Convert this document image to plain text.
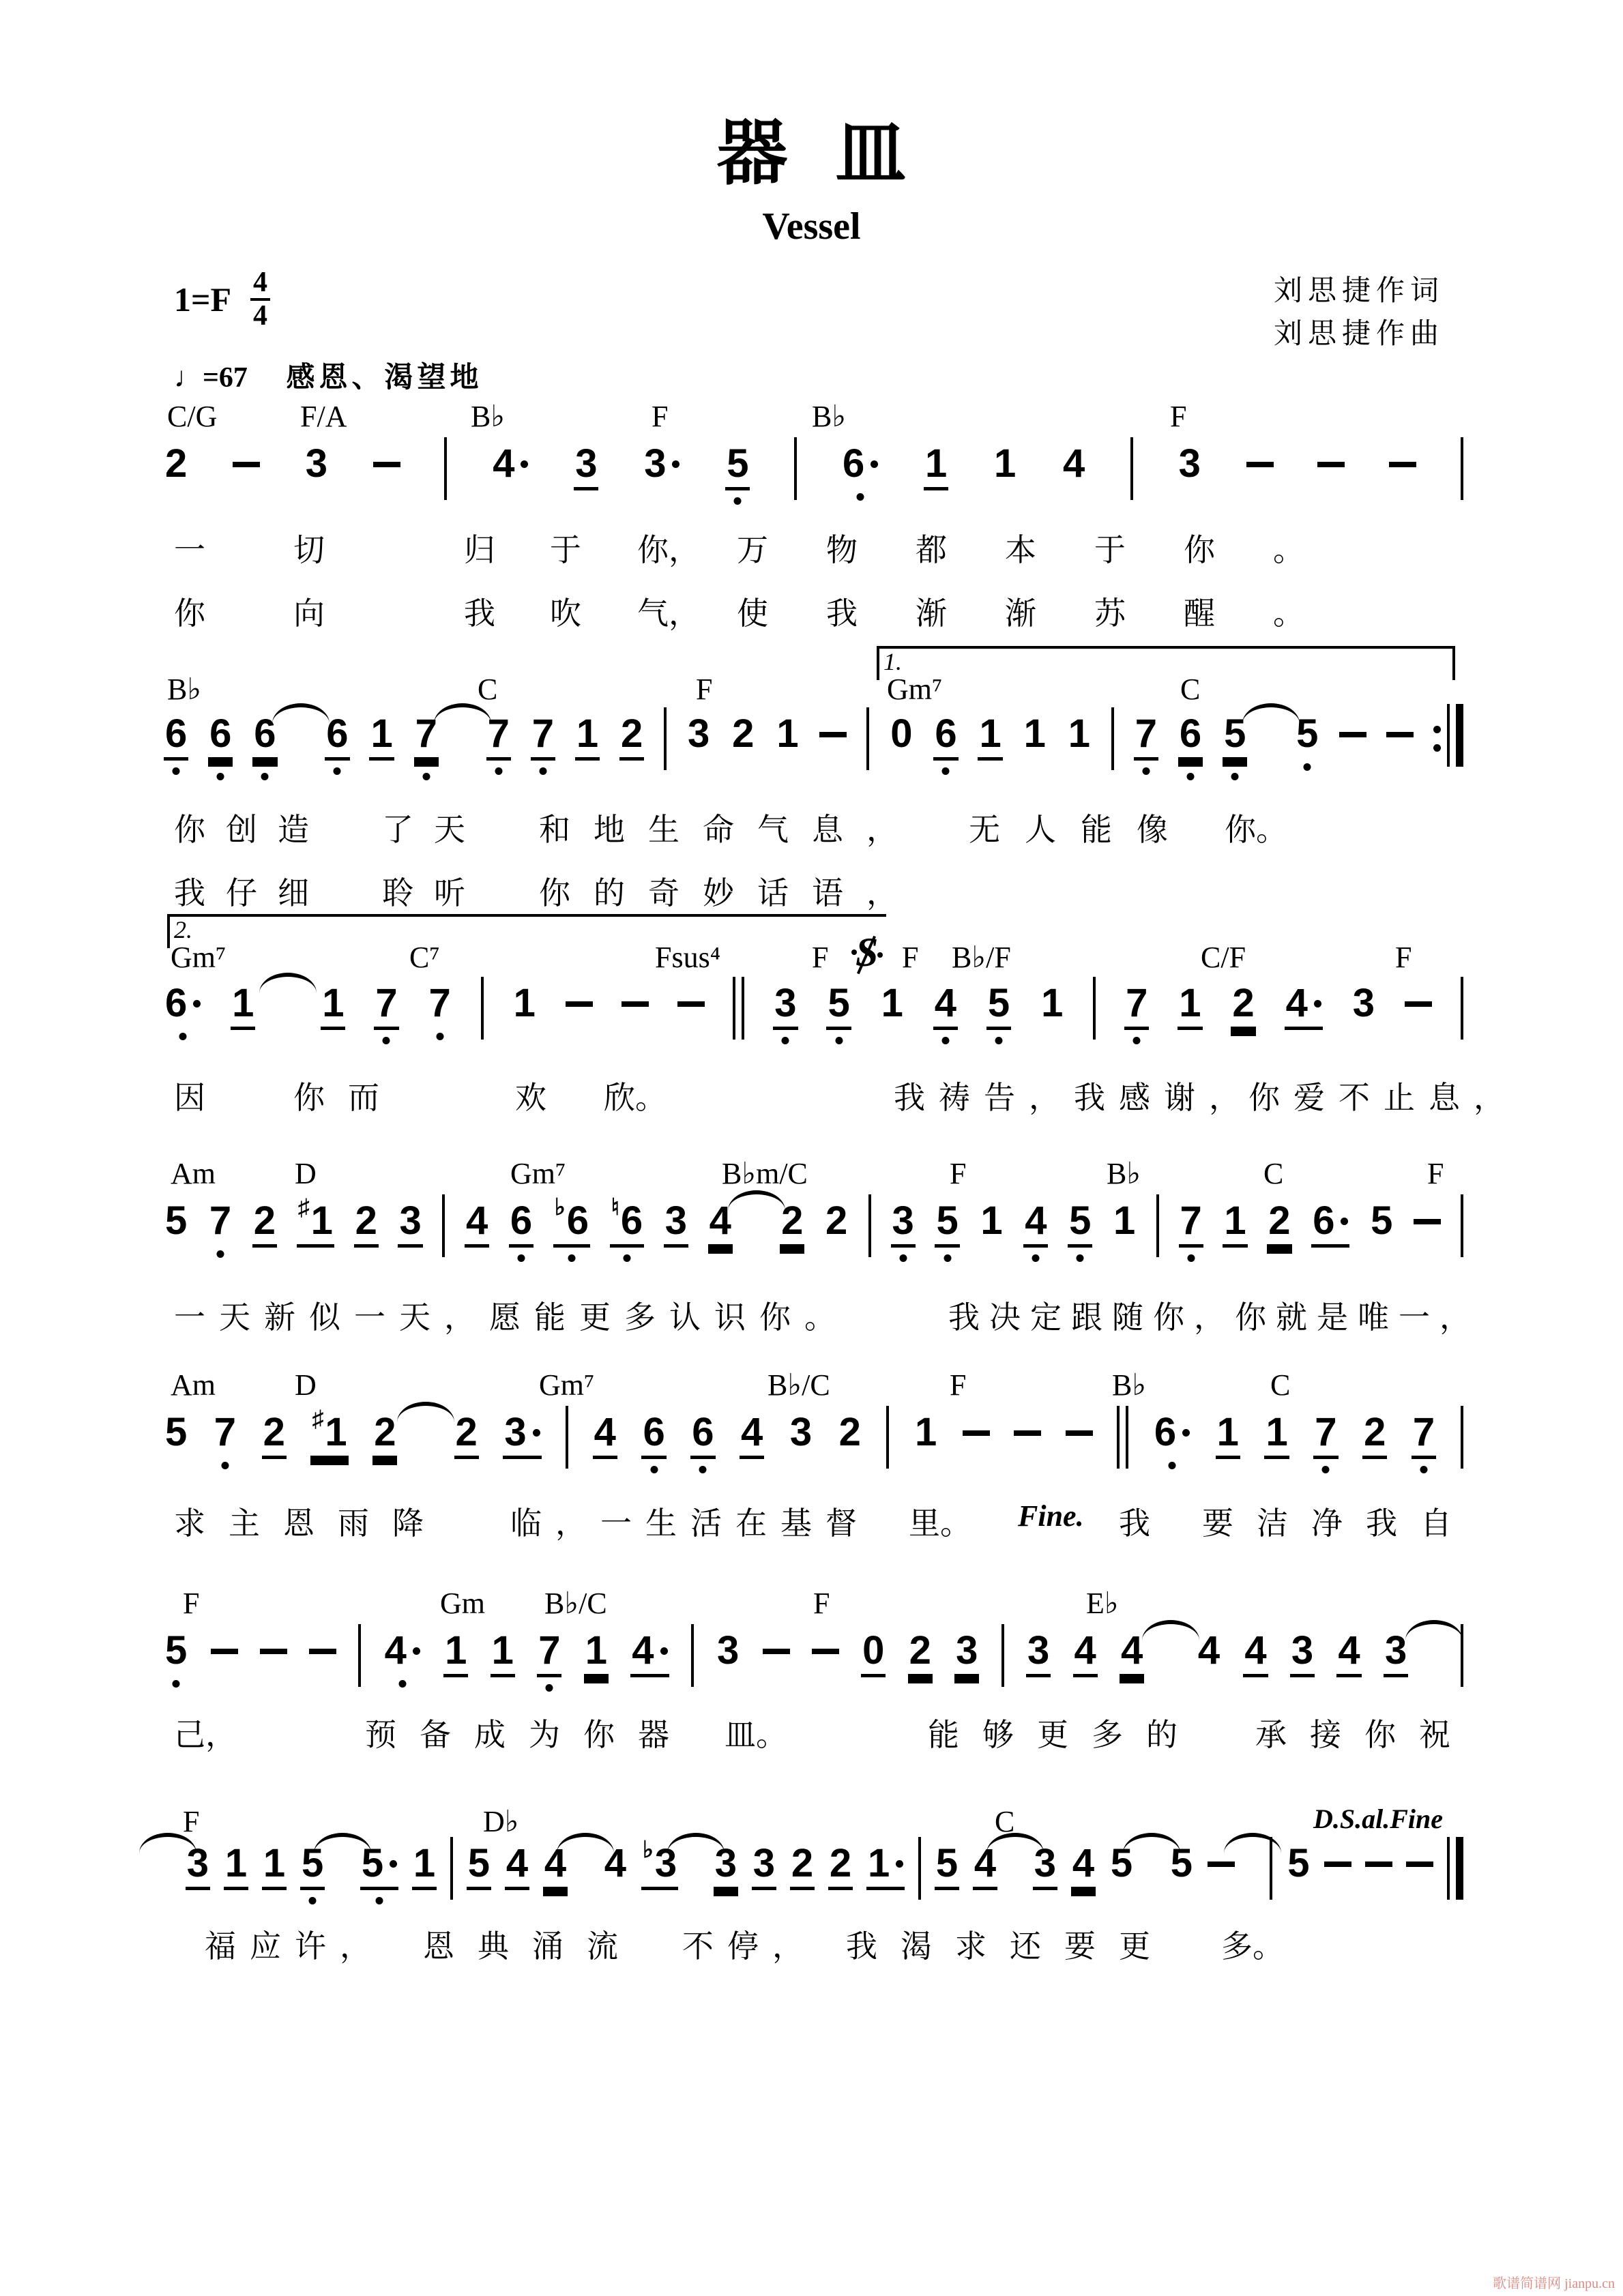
器皿
Vessel
$1=F \frac{4}{4}$
♩=67 感恩、渴望地
刘思捷作词
刘思捷作曲
C/G	F/A	B♭	F	B♭	F
2	3	4 3 3 5 6 1 1 4 3
一	切	归 于 你， 万物都本于你。
你	向	我 吹 气， 使我渐渐苏醒。
B♭	C	F	Gm⁷	C
1.
6 6 6 6 1 7 7 7 1 2 3 2 1 0 6 1 1 1 7 6 5 5
你创造 了天 和地生命气息， 无人能像 你。
我仔细 聆听 你的奇妙话语，
Gm⁷	C⁷	Fsus⁴	F F B♭/F	C/F	F
2.
6 1 1 7 7 1	3 5 1 4 5 1 7 1 2 4 3
因	你而	欢 欣。	我祷告，我感谢，
你爱不止息，
Am	D	Gm⁷	B♭m/C	F	B♭	C	F
5 7 2 ♯ 1 2 3 4 6 ♭ 6 ♮ 6 3 4 2 2 3 5 1 4 5 1 7 1 2 6 5
一天新似一天，愿能更多认识你。	我决定跟随你，你就是唯一，
Am	D	Gm⁷	B♭/C	F	B♭	C
5 7 2 ♯ 1 2 2 3 4 6 6 4 3 2 1	6 1 1 7 2 7
求主恩雨降 临，一生活在基督 里。 Fine. 我 要洁净我自
F	Gm B♭/C	F	E♭
5	4 1 1 7 1 4 3	0 2 3 3 4 4 4 4 3 4 3
己，	预备成为你器 皿。	能够更多的 承接你祝
F	D♭	C	D.S.al.Fine
3 1 1 5 5 1 5 4 4 4 ♭ 3 3 3 2 2 1 5 4 3 4 5 5 5
福应许， 恩典涌流 不停， 我渴求还要更 多。
歌谱简谱网 jianpu.cn
